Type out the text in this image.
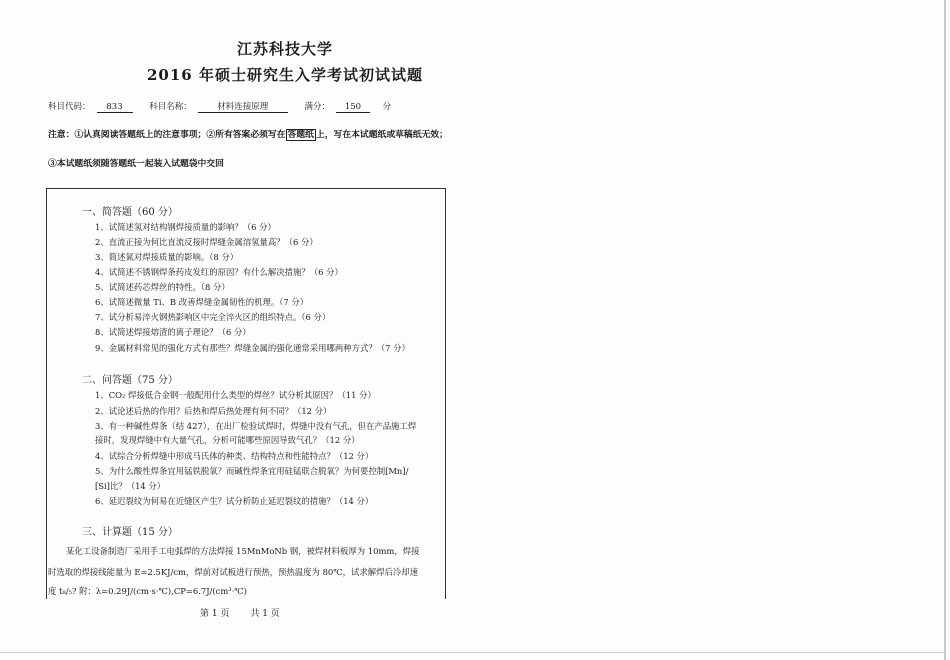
江苏科技大学
2016 年硕士研究生入学考试初试试题
科目代码： 833	科目名称：	材料连接原理	满分： 150	分
注意：①认真阅读答题纸上的注意事项；②所有答案必须写在 答题纸 上，写在本试题纸或草稿纸无效；
③本试题纸须随答题纸一起装入试题袋中交回
一、简答题（60 分）
1、试简述氢对结构钢焊接质量的影响？（6 分）
2、直流正接为何比直流反接时焊缝金属溶氢量高？（6 分）
3、简述氮对焊接质量的影响。（8 分）
4、试简述不锈钢焊条药皮发红的原因？有什么解决措施？（6 分）
5、试简述药芯焊丝的特性。（8 分）
6、试简述微量 Ti、B 改善焊缝金属韧性的机理。（7 分）
7、试分析易淬火钢热影响区中完全淬火区的组织特点。（6 分）
8、试简述焊接熔渣的离子理论？（6 分）
9、金属材料常见的强化方式有那些？焊缝金属的强化通常采用哪两种方式？（7 分）
二、问答题（75 分）
1、CO₂ 焊接低合金钢一般配用什么类型的焊丝？试分析其原因？（11 分）
2、试论述后热的作用？后热和焊后热处理有何不同？（12 分）
3、有一种碱性焊条（结 427），在出厂检验试焊时，焊缝中没有气孔，但在产品施工焊
接时，发现焊缝中有大量气孔，分析可能哪些原因导致气孔？（12 分）
4、试综合分析焊缝中形成马氏体的种类、结构特点和性能特点？（12 分）
5、为什么酸性焊条宜用锰铁脱氧？而碱性焊条宜用硅锰联合脱氧？为何要控制[Mn]/
[Si]比？（14 分）
6、延迟裂纹为何易在近缝区产生？试分析防止延迟裂纹的措施？（14 分）
三、计算题（15 分）
某化工设备制造厂采用手工电弧焊的方法焊接 15MnMoNb 钢，被焊材料板厚为 10mm，焊接
时选取的焊接线能量为 E=2.5KJ/cm，焊前对试板进行预热，预热温度为 80℃，试求解焊后冷却速
度 t₈/₅? 附：λ=0.29J/(cm·s·℃),CP=6.7J/(cm³·℃)
第 1 页 共 1 页
